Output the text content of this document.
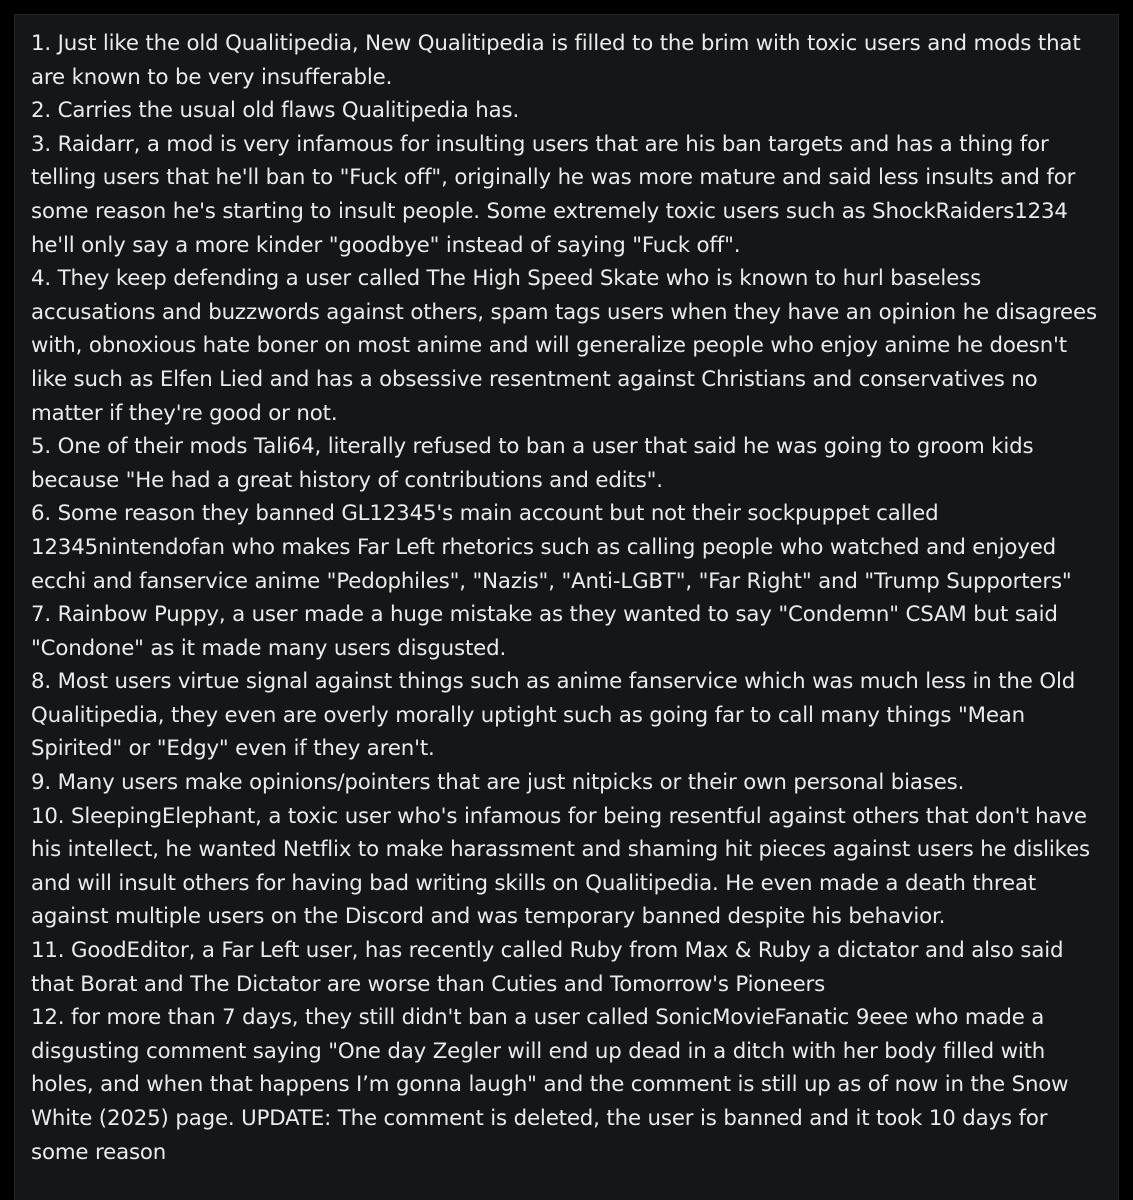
1. Just like the old Qualitipedia, New Qualitipedia is filled to the brim with toxic users and mods that are known to be very insufferable.
2. Carries the usual old flaws Qualitipedia has.
3. Raidarr, a mod is very infamous for insulting users that are his ban targets and has a thing for telling users that he'll ban to "Fuck off", originally he was more mature and said less insults and for some reason he's starting to insult people. Some extremely toxic users such as ShockRaiders1234 he'll only say a more kinder "goodbye" instead of saying "Fuck off".
4. They keep defending a user called The High Speed Skate who is known to hurl baseless accusations and buzzwords against others, spam tags users when they have an opinion he disagrees with, obnoxious hate boner on most anime and will generalize people who enjoy anime he doesn't like such as Elfen Lied and has a obsessive resentment against Christians and conservatives no matter if they're good or not.
5. One of their mods Tali64, literally refused to ban a user that said he was going to groom kids because "He had a great history of contributions and edits".
6. Some reason they banned GL12345's main account but not their sockpuppet called 12345nintendofan who makes Far Left rhetorics such as calling people who watched and enjoyed ecchi and fanservice anime "Pedophiles", "Nazis", "Anti-LGBT", "Far Right" and "Trump Supporters"
7. Rainbow Puppy, a user made a huge mistake as they wanted to say "Condemn" CSAM but said "Condone" as it made many users disgusted.
8. Most users virtue signal against things such as anime fanservice which was much less in the Old Qualitipedia, they even are overly morally uptight such as going far to call many things "Mean Spirited" or "Edgy" even if they aren't.
9. Many users make opinions/pointers that are just nitpicks or their own personal biases.
10. SleepingElephant, a toxic user who's infamous for being resentful against others that don't have his intellect, he wanted Netflix to make harassment and shaming hit pieces against users he dislikes and will insult others for having bad writing skills on Qualitipedia. He even made a death threat against multiple users on the Discord and was temporary banned despite his behavior.
11. GoodEditor, a Far Left user, has recently called Ruby from Max & Ruby a dictator and also said that Borat and The Dictator are worse than Cuties and Tomorrow's Pioneers
12. for more than 7 days, they still didn't ban a user called SonicMovieFanatic 9eee who made a disgusting comment saying "One day Zegler will end up dead in a ditch with her body filled with holes, and when that happens I’m gonna laugh" and the comment is still up as of now in the Snow White (2025) page. UPDATE: The comment is deleted, the user is banned and it took 10 days for some reason
